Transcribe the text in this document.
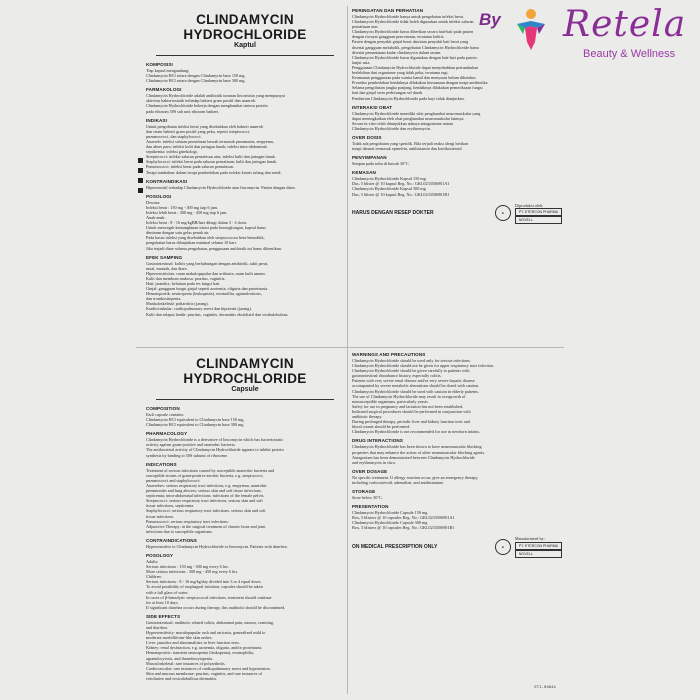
CLINDAMYCIN HYDROCHLORIDE
Kaptul
KOMPOSISI
Tiap kapsul mengandung:
Clindamycin HCl setara dengan Clindamycin base 150 mg.
Clindamycin HCl setara dengan Clindamycin base 300 mg.
FARMAKOLOGI
Clindamycin Hydrochloride adalah antibiotik turunan lincomisin yang mempunyai
aktivitas bakteriostatik terhadap bakteri gram positif dan anaerob.
Clindamycin Hydrochloride bekerja dengan menghambat sintesa protein
pada ribosom 50S sub unit ribosom bakteri.
INDIKASI
Untuk pengobatan infeksi berat yang disebabkan oleh bakteri anaerob
dan strain bakteri gram positif yang peka, seperti streptococci,
pneumococci, dan staphylococci.
Anaerob: infeksi saluran pernafasan bawah termasuk pneumonia, empyema,
dan abses paru; infeksi kulit dan jaringan lunak; infeksi intra-abdominal,
septikemia; infeksi ginekologi.
Streptococci: infeksi saluran pernafasan atas, infeksi kulit dan jaringan lunak.
Staphylococci: infeksi berat pada saluran pernafasan, kulit dan jaringan lunak.
Pneumococci: infeksi berat pada saluran pernafasan.
Terapi tambahan: dalam terapi pembedahan pada infeksi kronis tulang dan sendi.
KONTRAINDIKASI
Hipersensitif terhadap Clindamycin Hydrochloride atau lincomycin. Pasien dengan diare.
POSOLOGI
Dewasa:
Infeksi berat : 150 mg - 300 mg tiap 6 jam.
Infeksi lebih berat : 300 mg - 450 mg tiap 6 jam.
Anak-anak:
Infeksi berat : 8 - 16 mg/kgBB/hari dibagi dalam 3 - 4 dosis.
Untuk mencegah kemungkinan iritasi pada kerongkongan, kapsul harus
diminum dengan satu gelas penuh air.
Pada kasus infeksi yang disebabkan oleh streptococcus beta-hemolitik,
pengobatan harus dilanjutkan minimal selama 10 hari.
Jika terjadi diare selama pengobatan, penggunaan antibiotik ini harus dihentikan.
EFEK SAMPING
Gastrointestinal: kolitis yang berhubungan dengan antibiotik, sakit perut,
mual, muntah, dan diare.
Hipersensitivitas: ruam makulopapular dan urtikaria, ruam kulit umum.
Kulit dan membran mukosa: pruritus, vaginitis.
Hati: jaundice, kelainan pada tes fungsi hati.
Ginjal: gangguan fungsi ginjal seperti azotemia, oliguria dan proteinuria.
Hematopoetik: neutropenia (leukopenia), eosinofilia, agranulositosis,
dan trombositopenia.
Muskuloskeletal: poliartritis (jarang).
Kardiovaskular: cardiopulmonary arrest dan hipotensi (jarang).
Kulit dan selaput lendir: pruritus, vaginitis, dermatitis eksfoliatif dan vesikulobulosa.
PERINGATAN DAN PERHATIAN
Clindamycin Hydrochloride hanya untuk pengobatan infeksi berat.
Clindamycin Hydrochloride tidak boleh digunakan untuk infeksi saluran
pernafasan atas.
Clindamycin Hydrochloride harus diberikan secara hati-hati pada pasien
dengan riwayat gangguan pencernaan, terutama kolitis.
Pasien dengan penyakit ginjal berat dan/atau penyakit hati berat yang
disertai gangguan metabolik, pengobatan Clindamycin Hydrochloride harus
disertai pemantauan kadar clindamycin dalam serum.
Clindamycin Hydrochloride harus digunakan dengan hati-hati pada pasien
lanjut usia.
Penggunaan Clindamycin Hydrochloride dapat menyebabkan pertumbuhan
berlebihan dari organisme yang tidak peka, terutama ragi.
Keamanan penggunaan pada wanita hamil dan menyusui belum diketahui.
Prosedur pembedahan hendaknya dilakukan bersamaan dengan terapi antibiotika.
Selama pengobatan jangka panjang, hendaknya dilakukan pemeriksaan fungsi
hati dan ginjal serta perhitungan sel darah.
Pemberian Clindamycin Hydrochloride pada bayi tidak dianjurkan.
INTERAKSI OBAT
Clindamycin Hydrochloride memiliki sifat penghambat neuromuskular yang
dapat meningkatkan efek obat penghambat neuromuskular lainnya.
Secara in vitro telah ditunjukkan adanya antagonisme antara
Clindamycin Hydrochloride dan erythromycin.
OVER DOSIS
Tidak ada pengobatan yang spesifik. Bila terjadi reaksi alergi berikan
terapi darurat termasuk epinefrin, antihistamin dan kortikosteroid.
PENYIMPANAN
Simpan pada suhu di bawah 30°C.
KEMASAN
Clindamycin Hydrochloride Kapsul 150 mg
Dus, 5 blister @ 10 kapsul Reg. No.: GKL0233506901A1
Clindamycin Hydrochloride Kapsul 300 mg
Dus, 5 blister @ 10 kapsul Reg. No.: GKL0233506901B1
HARUS DENGAN RESEP DOKTER	⊕
Diproduksi oleh:
PT. ETERCON PHARMA
NOVELL
CLINDAMYCIN HYDROCHLORIDE
Capsule
COMPOSITION
Each capsule contains:
Clindamycin HCl equivalent to Clindamycin base 150 mg.
Clindamycin HCl equivalent to Clindamycin base 300 mg.
PHARMACOLOGY
Clindamycin Hydrochloride is a derivative of lincomycin which has bacteriostatic
activity against gram-positive and anaerobic bacteria.
The antibacterial activity of Clindamycin Hydrochloride appears to inhibit protein
synthesis by binding to 50S subunit of ribosome.
INDICATIONS
Treatment of serious infections caused by susceptible anaerobic bacteria and
susceptible strains of gram-positive aerobic bacteria, e.g. streptococci,
pneumococci and staphylococci.
Anaerobes: serious respiratory tract infections, e.g. empyema, anaerobic
pneumonitis and lung abscess; serious skin and soft tissue infections;
septicemia; intra-abdominal infections; infections of the female pelvis.
Streptococci: serious respiratory tract infections, serious skin and soft
tissue infections, septicemia.
Staphylococci: serious respiratory tract infections, serious skin and soft
tissue infections.
Pneumococci: serious respiratory tract infections.
Adjunctive Therapy: in the surgical treatment of chronic bone and joint
infections due to susceptible organisms.
CONTRAINDICATIONS
Hypersensitive to Clindamycin Hydrochloride or lincomycin. Patients with diarrhea.
POSOLOGY
Adults:
Serious infections : 150 mg - 300 mg every 6 hrs.
More serious infections : 300 mg - 450 mg every 6 hrs.
Children:
Serious infections : 8 - 16 mg/kg/day divided into 3 or 4 equal doses.
To avoid possibility of esophageal irritation, capsules should be taken
with a full glass of water.
In cases of β-hemolytic streptococcal infections, treatment should continue
for at least 10 days.
If significant diarrhea occurs during therapy, this antibiotic should be discontinued.
SIDE EFFECTS
Gastrointestinal: antibiotic related colitis, abdominal pain, nausea, vomiting,
and diarrhea.
Hypersensitivity: maculopapular rash and urticaria, generalized mild to
moderate morbilliform-like skin rashes.
Liver: jaundice and abnormalities in liver function tests.
Kidney: renal dysfunction, e.g. azotemia, oliguria, and/or proteinuria.
Hematopoietic: transient neutropenia (leukopenia), eosinophilia,
agranulocytosis, and thrombocytopenia.
Musculoskeletal: rare instances of polyarthritis.
Cardiovascular: rare instances of cardiopulmonary arrest and hypotension.
Skin and mucous membrane: pruritus, vaginitis, and rare instances of
exfoliative and vesiculobullous dermatitis.
WARNINGS AND PRECAUTIONS
Clindamycin Hydrochloride should be used only for serious infections.
Clindamycin Hydrochloride should not be given for upper respiratory tract infection.
Clindamycin Hydrochloride should be given carefully to patients with
gastrointestinal disturbance history, especially colitis.
Patients with very severe renal disease and/or very severe hepatic disease
accompanied by severe metabolic aberrations should be dosed with caution.
Clindamycin Hydrochloride should be used with caution in elderly patients.
The use of Clindamycin Hydrochloride may result in overgrowth of
nonsusceptible organisms, particularly yeasts.
Safety for use in pregnancy and lactation has not been established.
Indicated surgical procedures should be performed in conjunction with
antibiotic therapy.
During prolonged therapy, periodic liver and kidney function tests and
blood counts should be performed.
Clindamycin Hydrochloride is not recommended for use in newborn infants.
DRUG INTERACTIONS
Clindamycin Hydrochloride has been shown to have neuromuscular blocking
properties that may enhance the action of other neuromuscular blocking agents.
Antagonism has been demonstrated between Clindamycin Hydrochloride
and erythromycin in vitro.
OVER DOSAGE
No specific treatment. If allergy reaction occur, give an emergency therapy,
including corticosteroid, adrenaline, and antihistamine.
STORAGE
Store below 30°C.
PRESENTATION
Clindamycin Hydrochloride Capsule 150 mg
Box, 5 blisters @ 10 capsules Reg. No.: GKL0233506901A1
Clindamycin Hydrochloride Capsule 300 mg
Box, 5 blisters @ 10 capsules Reg. No.: GKL0233506901B1
ON MEDICAL PRESCRIPTION ONLY	⊕
Manufactured by:
PT. ETERCON PHARMA
NOVELL
ETI-04841
By Retela
Beauty & Wellness
